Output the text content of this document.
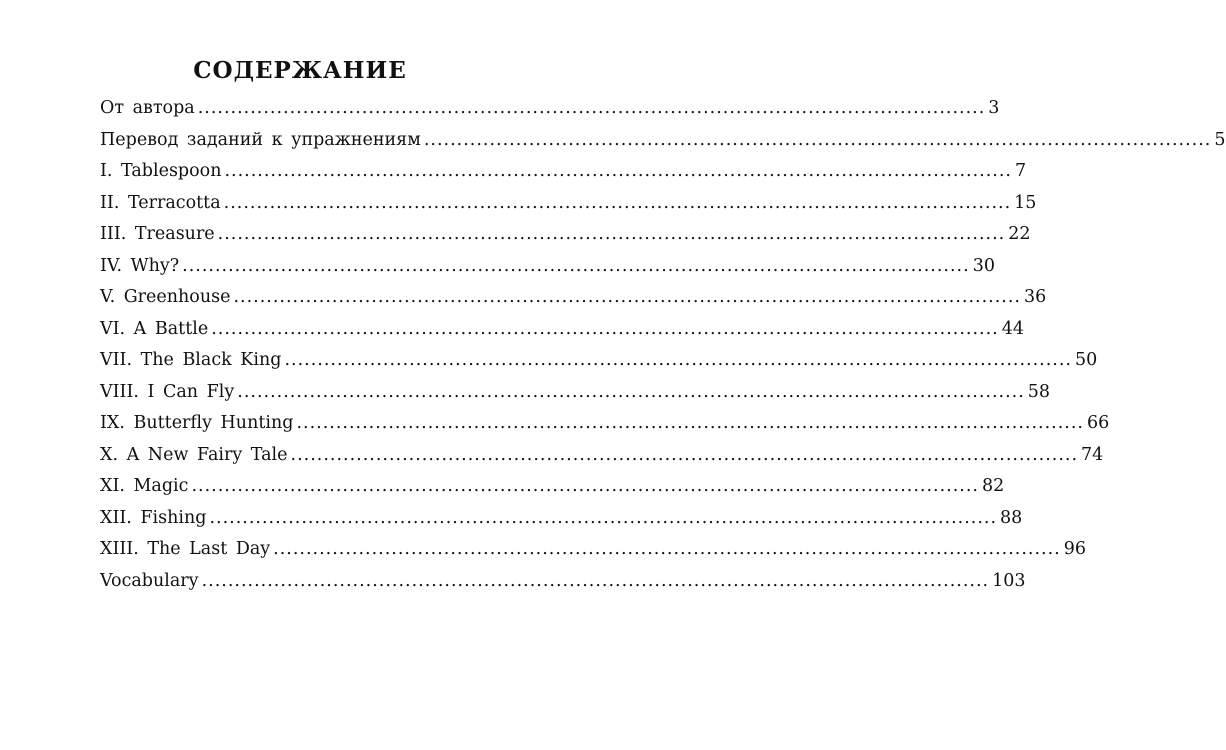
СОДЕРЖАНИЕ
От автора ........................................................................................................................ 3
Перевод заданий к упражнениям ........................................................................................................................ 5
I. Tablespoon ........................................................................................................................ 7
II. Terracotta ........................................................................................................................ 15
III. Treasure ........................................................................................................................ 22
IV. Why? ........................................................................................................................ 30
V. Greenhouse ........................................................................................................................ 36
VI. A Battle ........................................................................................................................ 44
VII. The Black King ........................................................................................................................ 50
VIII. I Can Fly ........................................................................................................................ 58
IX. Butterfly Hunting ........................................................................................................................ 66
X. A New Fairy Tale ........................................................................................................................ 74
XI. Magic ........................................................................................................................ 82
XII. Fishing ........................................................................................................................ 88
XIII. The Last Day ........................................................................................................................ 96
Vocabulary ........................................................................................................................ 103
